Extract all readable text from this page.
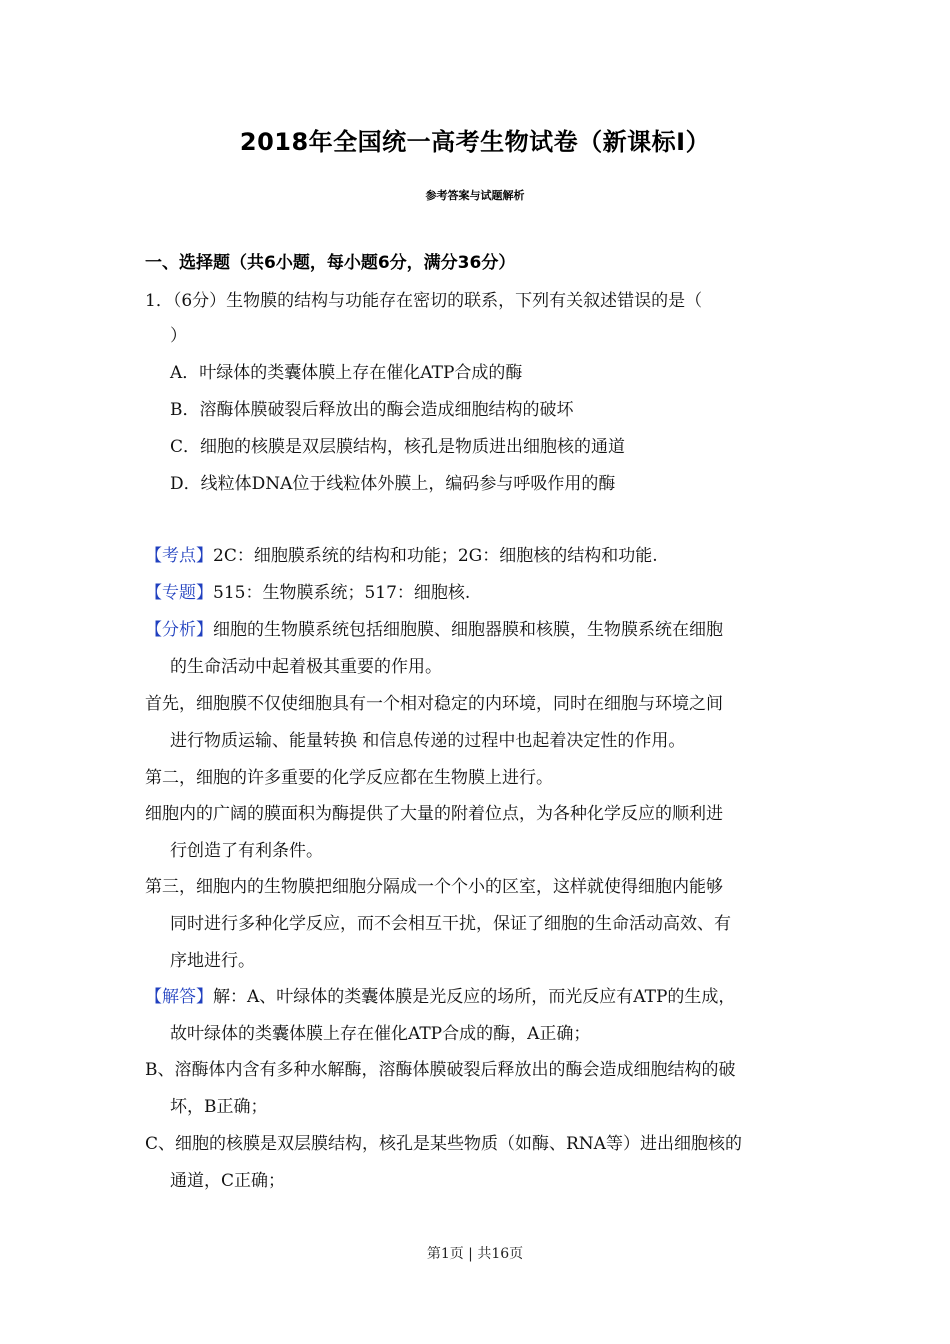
2018年全国统一高考生物试卷（新课标Ⅰ）
参考答案与试题解析
一、选择题（共6小题，每小题6分，满分36分）
1．（6分）生物膜的结构与功能存在密切的联系，下列有关叙述错误的是（
）
A．叶绿体的类囊体膜上存在催化ATP合成的酶
B．溶酶体膜破裂后释放出的酶会造成细胞结构的破坏
C．细胞的核膜是双层膜结构，核孔是物质进出细胞核的通道
D．线粒体DNA位于线粒体外膜上，编码参与呼吸作用的酶
【考点】2C：细胞膜系统的结构和功能；2G：细胞核的结构和功能.
【专题】515：生物膜系统；517：细胞核.
【分析】细胞的生物膜系统包括细胞膜、细胞器膜和核膜，生物膜系统在细胞
的生命活动中起着极其重要的作用。
首先，细胞膜不仅使细胞具有一个相对稳定的内环境，同时在细胞与环境之间
进行物质运输、能量转换 和信息传递的过程中也起着决定性的作用。
第二，细胞的许多重要的化学反应都在生物膜上进行。
细胞内的广阔的膜面积为酶提供了大量的附着位点，为各种化学反应的顺利进
行创造了有利条件。
第三，细胞内的生物膜把细胞分隔成一个个小的区室，这样就使得细胞内能够
同时进行多种化学反应，而不会相互干扰，保证了细胞的生命活动高效、有
序地进行。
【解答】解：A、叶绿体的类囊体膜是光反应的场所，而光反应有ATP的生成，
故叶绿体的类囊体膜上存在催化ATP合成的酶，A正确；
B、溶酶体内含有多种水解酶，溶酶体膜破裂后释放出的酶会造成细胞结构的破
坏，B正确；
C、细胞的核膜是双层膜结构，核孔是某些物质（如酶、RNA等）进出细胞核的
通道，C正确；
第1页 | 共16页
